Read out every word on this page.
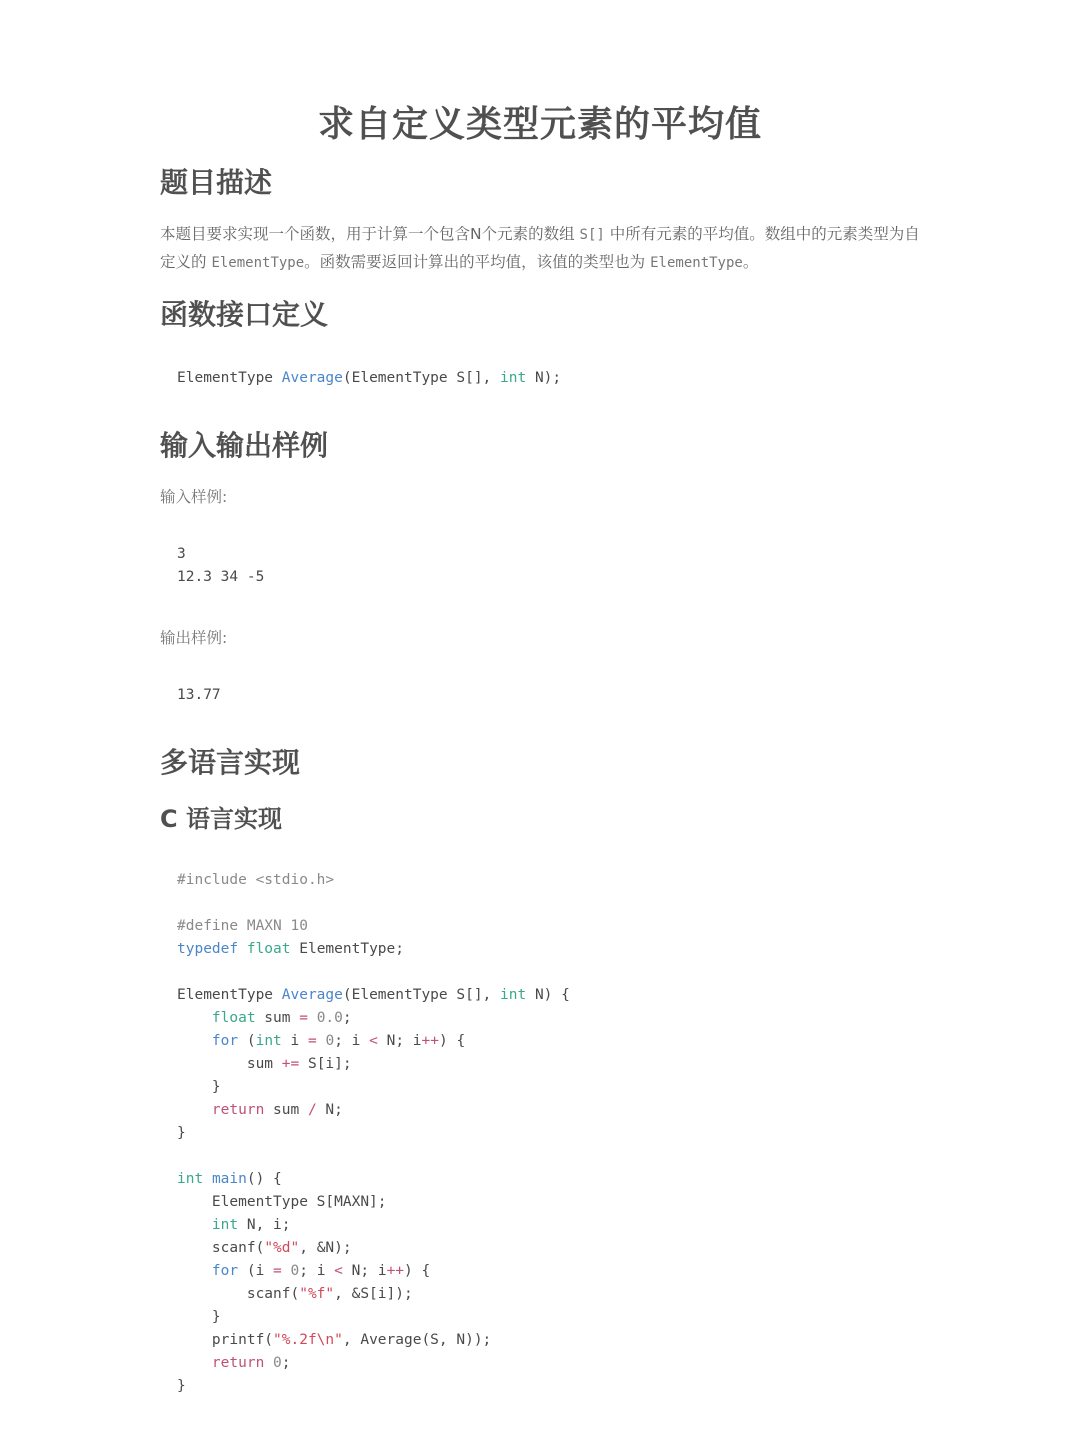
求自定义类型元素的平均值
题目描述

本题目要求实现一个函数，用于计算一个包含N个元素的数组 S[] 中所有元素的平均值。数组中的元素类型为自定义的 ElementType。函数需要返回计算出的平均值，该值的类型也为 ElementType。

函数接口定义
ElementType Average(ElementType S[], int N);
输入输出样例
输入样例:
3
12.3 34 -5
输出样例:
13.77
多语言实现
C 语言实现
#include <stdio.h>

#define MAXN 10
typedef float ElementType;

ElementType Average(ElementType S[], int N) {
float sum = 0.0;
for (int i = 0; i < N; i++) {
sum += S[i];
}
return sum / N;
}

int main() {
ElementType S[MAXN];
int N, i;
scanf("%d", &N);
for (i = 0; i < N; i++) {
scanf("%f", &S[i]);
}
printf("%.2f\n", Average(S, N));
return 0;
}
